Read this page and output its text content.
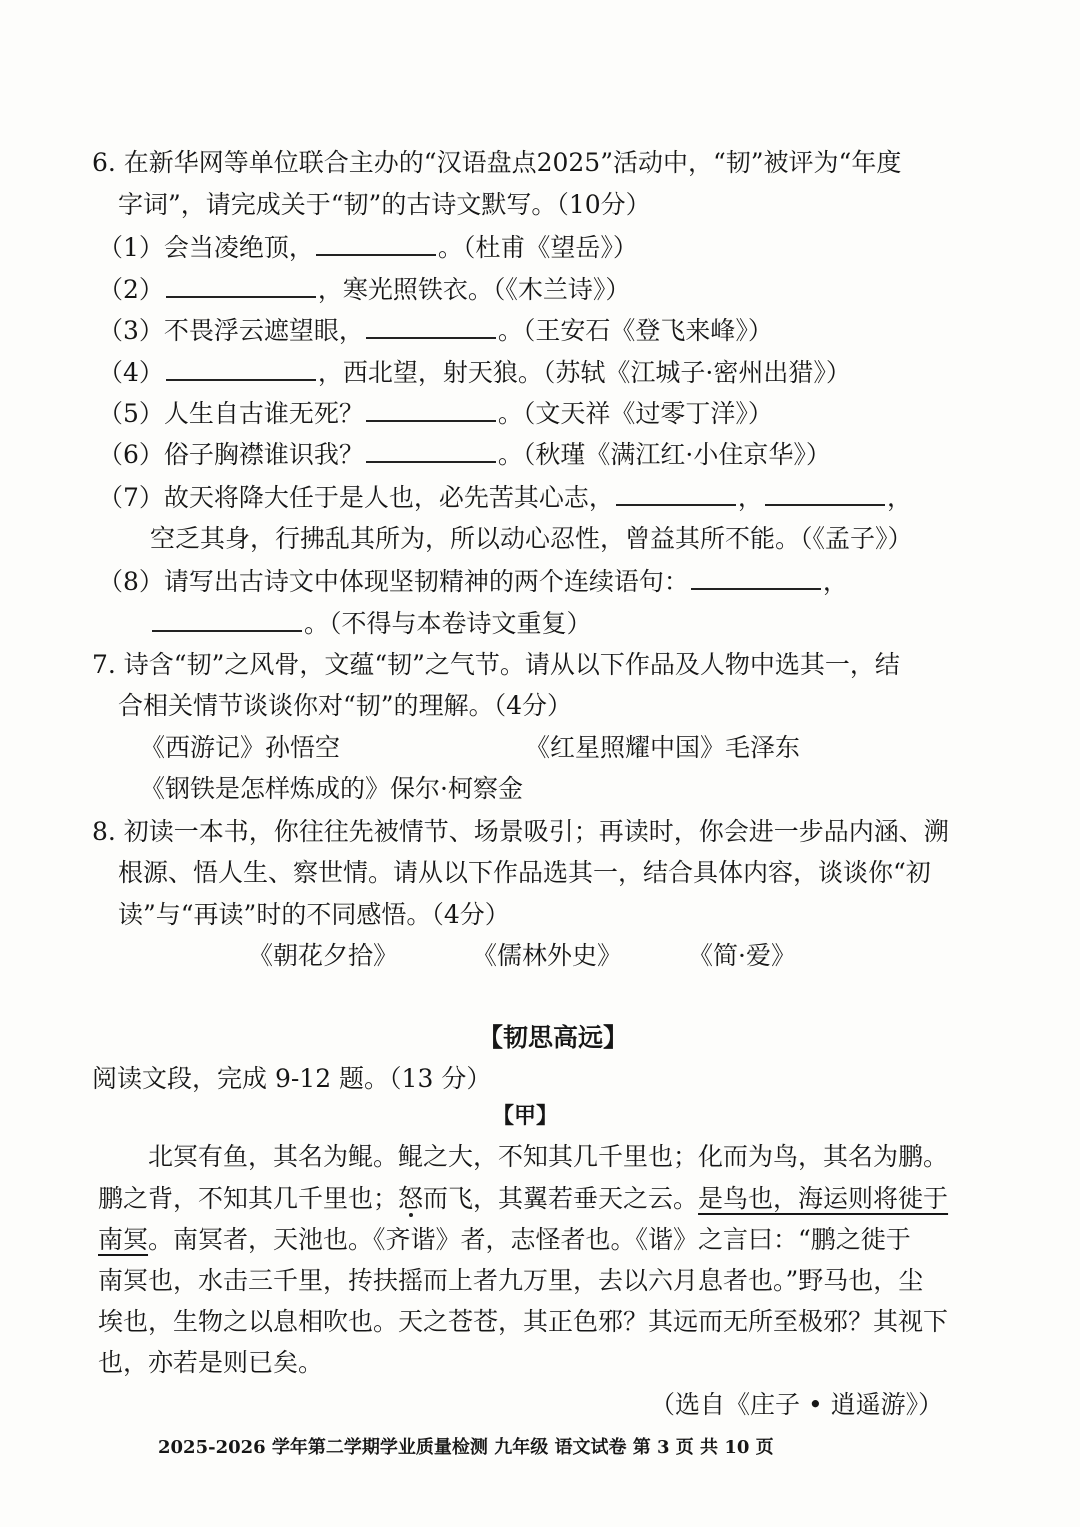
6. 在新华网等单位联合主办的“汉语盘点2025”活动中，“韧”被评为“年度
字词”，请完成关于“韧”的古诗文默写。（10分）
（1）会当凌绝顶，	。（杜甫《望岳》）
（2）	，寒光照铁衣。（《木兰诗》）
（3）不畏浮云遮望眼，	。（王安石《登飞来峰》）
（4）	，西北望，射天狼。（苏轼《江城子·密州出猎》）
（5）人生自古谁无死？	。（文天祥《过零丁洋》）
（6）俗子胸襟谁识我？	。（秋瑾《满江红·小住京华》）
（7）故天将降大任于是人也，必先苦其心志，	，	，
空乏其身，行拂乱其所为，所以动心忍性，曾益其所不能。（《孟子》）
（8）请写出古诗文中体现坚韧精神的两个连续语句：	，
。（不得与本卷诗文重复）
7. 诗含“韧”之风骨，文蕴“韧”之气节。请从以下作品及人物中选其一，结
合相关情节谈谈你对“韧”的理解。（4分）
《西游记》孙悟空	《红星照耀中国》毛泽东
《钢铁是怎样炼成的》保尔·柯察金
8. 初读一本书，你往往先被情节、场景吸引；再读时，你会进一步品内涵、溯
根源、悟人生、察世情。请从以下作品选其一，结合具体内容，谈谈你“初
读”与“再读”时的不同感悟。（4分）
《朝花夕拾》	《儒林外史》	《简·爱》
【韧思高远】
阅读文段，完成 9-12 题。（13 分）
【甲】
北冥有鱼，其名为鲲。鲲之大，不知其几千里也；化而为鸟，其名为鹏。
鹏之背，不知其几千里也；怒而飞，其翼若垂天之云。是鸟也，海运则将徙于
南冥。南冥者，天池也。《齐谐》者，志怪者也。《谐》之言曰：“鹏之徙于
南冥也，水击三千里，抟扶摇而上者九万里，去以六月息者也。”野马也，尘
埃也，生物之以息相吹也。天之苍苍，其正色邪？其远而无所至极邪？其视下
也，亦若是则已矣。
（选自《庄子 • 逍遥游》）
2025-2026 学年第二学期学业质量检测 九年级 语文试卷 第 3 页 共 10 页
